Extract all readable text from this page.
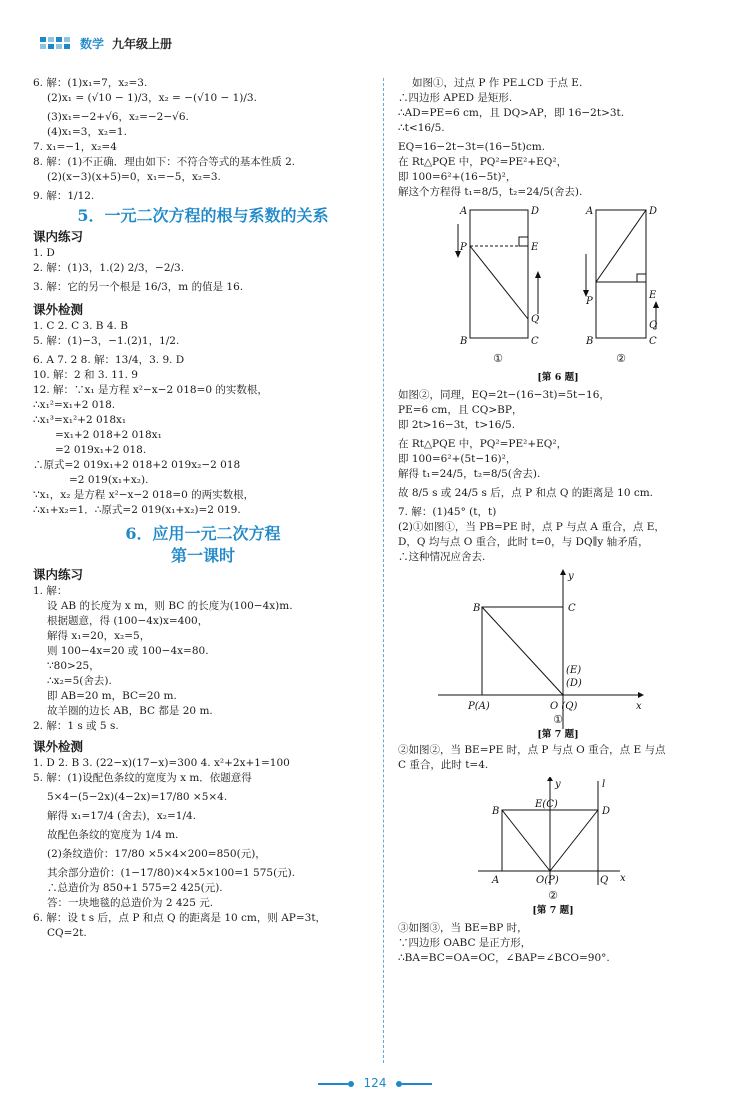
数学 九年级上册
6. 解：(1)x₁=7，x₂=3.
(2)x₁ = (√10 − 1)/3，x₂ = −(√10 − 1)/3.
(3)x₁=−2+√6，x₂=−2−√6.
(4)x₁=3，x₂=1.
7. x₁=−1，x₂=4
8. 解：(1)不正确．理由如下：不符合等式的基本性质 2.
(2)(x−3)(x+5)=0，x₁=−5，x₂=3.
9. 解：1/12.
5．一元二次方程的根与系数的关系
课内练习
1. D
2. 解：(1)3，1.(2) 2/3，−2/3.
3. 解：它的另一个根是 16/3，m 的值是 16.
课外检测
1. C 2. C 3. B 4. B
5. 解：(1)−3，−1.(2)1，1/2.
6. A 7. 2 8. 解：13/4，3. 9. D
10. 解：2 和 3. 11. 9
12. 解：∵x₁ 是方程 x²−x−2 018=0 的实数根，
∴x₁²=x₁+2 018.
∴x₁³=x₁²+2 018x₁
=x₁+2 018+2 018x₁
=2 019x₁+2 018.
∴原式=2 019x₁+2 018+2 019x₂−2 018
=2 019(x₁+x₂).
∵x₁，x₂ 是方程 x²−x−2 018=0 的两实数根，
∴x₁+x₂=1．∴原式=2 019(x₁+x₂)=2 019.
6．应用一元二次方程
第一课时
课内练习
1. 解：
设 AB 的长度为 x m，则 BC 的长度为(100−4x)m.
根据题意，得 (100−4x)x=400，
解得 x₁=20，x₂=5，
则 100−4x=20 或 100−4x=80.
∵80>25，
∴x₂=5(舍去).
即 AB=20 m，BC=20 m.
故羊圈的边长 AB，BC 都是 20 m.
2. 解：1 s 或 5 s.
课外检测
1. D 2. B 3. (22−x)(17−x)=300 4. x²+2x+1=100
5. 解：(1)设配色条纹的宽度为 x m．依题意得
5×4−(5−2x)(4−2x)=17/80 ×5×4.
解得 x₁=17/4 (舍去)，x₂=1/4.
故配色条纹的宽度为 1/4 m.
(2)条纹造价：17/80 ×5×4×200=850(元)，
其余部分造价：(1−17/80)×4×5×100=1 575(元).
∴总造价为 850+1 575=2 425(元).
答：一块地毯的总造价为 2 425 元.
6. 解：设 t s 后，点 P 和点 Q 的距离是 10 cm，则 AP=3t，
CQ=2t.
如图①，过点 P 作 PE⊥CD 于点 E.
∴四边形 APED 是矩形.
∴AD=PE=6 cm，且 DQ>AP，即 16−2t>3t.
∴t<16/5.
EQ=16−2t−3t=(16−5t)cm.
在 Rt△PQE 中，PQ²=PE²+EQ²，
即 100=6²+(16−5t)²，
解这个方程得 t₁=8/5，t₂=24/5(舍去).
A	D
P	E
Q
B	C
A	D
P
E
Q
B	C
①	②
[第 6 题]
如图②，同理，EQ=2t−(16−3t)=5t−16，
PE=6 cm，且 CQ>BP，
即 2t>16−3t，t>16/5.
在 Rt△PQE 中，PQ²=PE²+EQ²，
即 100=6²+(5t−16)²，
解得 t₁=24/5，t₂=8/5(舍去).
故 8/5 s 或 24/5 s 后，点 P 和点 Q 的距离是 10 cm.
7. 解：(1)45° (t，t)
(2)①如图①，当 PB=PE 时，点 P 与点 A 重合，点 E，
D，Q 均与点 O 重合，此时 t=0，与 DQ∥y 轴矛盾，
∴这种情况应舍去.
y
x
B	C
(E)
(D)
P(A)	O (Q)
①
[第 7 题]
②如图②，当 BE=PE 时，点 P 与点 O 重合，点 E 与点
C 重合，此时 t=4.
y	l
B
E(C)
D
A	O(P)	Q x
②
[第 7 题]
③如图③，当 BE=BP 时，
∵四边形 OABC 是正方形，
∴BA=BC=OA=OC，∠BAP=∠BCO=90°.
124
